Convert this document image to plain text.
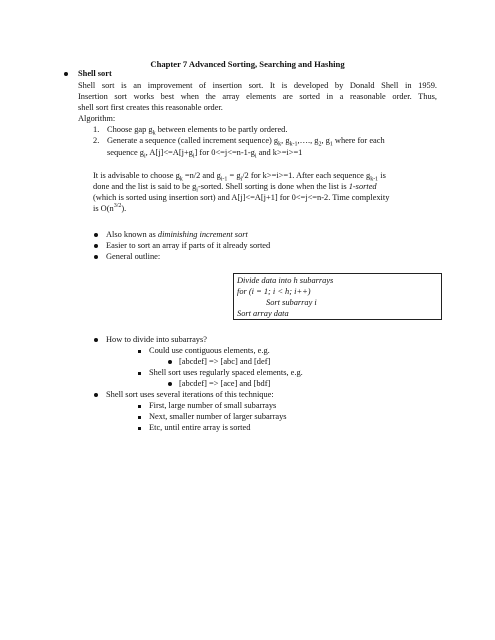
Chapter 7 Advanced Sorting, Searching and Hashing
Shell sort
Shell sort is an improvement of insertion sort. It is developed by Donald Shell in 1959.
Insertion sort works best when the array elements are sorted in a reasonable order. Thus,
shell sort first creates this reasonable order.
Algorithm:
1. Choose gap $g_k$ between elements to be partly ordered.
2. Generate a sequence (called increment sequence) $g_k$, $g_{k-1},\dots$., $g_2$, $g_1$ where for each
sequence $g_i$, $A[j]<=A[j+g_i]$ for $0<=j<=n-1-g_i$ and k>=i>=1
It is advisable to choose $g_k =n/2$ and $g_{i-1} = g_i/2$ for k>=i>=1. After each sequence $g_{k-1}$ is
done and the list is said to be $g_i$-sorted. Shell sorting is done when the list is 1-sorted
(which is sorted using insertion sort) and A[j]<=A[j+1] for 0<=j<=n-2. Time complexity
is $O(n^{3/2})$.
Also known as diminishing increment sort
Easier to sort an array if parts of it already sorted
General outline:
Divide data into h subarrays
for (i = 1; i < h; i++)
Sort subarray i
Sort array data
How to divide into subarrays?
Could use contiguous elements, e.g.
[abcdef] => [abc] and [def]
Shell sort uses regularly spaced elements, e.g.
[abcdef] => [ace] and [bdf]
Shell sort uses several iterations of this technique:
First, large number of small subarrays
Next, smaller number of larger subarrays
Etc, until entire array is sorted
